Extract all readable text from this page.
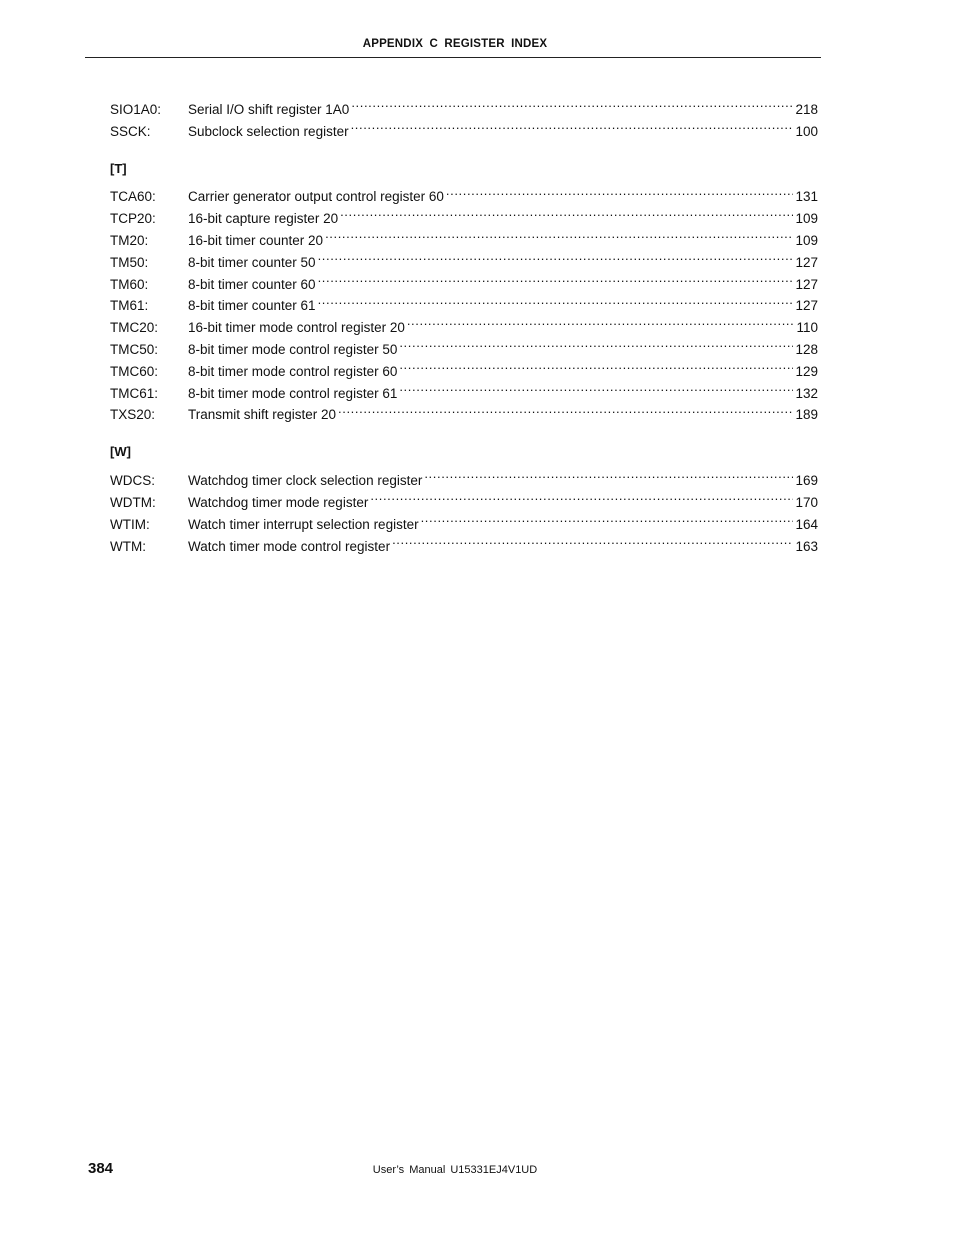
APPENDIX C REGISTER INDEX
SIO1A0:	Serial I/O shift register 1A0 .....	218
SSCK:	Subclock selection register .....	100
[T]
TCA60:	Carrier generator output control register 60 .....	131
TCP20:	16-bit capture register 20 .....	109
TM20:	16-bit timer counter 20 .....	109
TM50:	8-bit timer counter 50 .....	127
TM60:	8-bit timer counter 60 .....	127
TM61:	8-bit timer counter 61 .....	127
TMC20:	16-bit timer mode control register 20 .....	110
TMC50:	8-bit timer mode control register 50 .....	128
TMC60:	8-bit timer mode control register 60 .....	129
TMC61:	8-bit timer mode control register 61 .....	132
TXS20:	Transmit shift register 20 .....	189
[W]
WDCS:	Watchdog timer clock selection register .....	169
WDTM:	Watchdog timer mode register .....	170
WTIM:	Watch timer interrupt selection register .....	164
WTM:	Watch timer mode control register .....	163
384	User’s Manual U15331EJ4V1UD
